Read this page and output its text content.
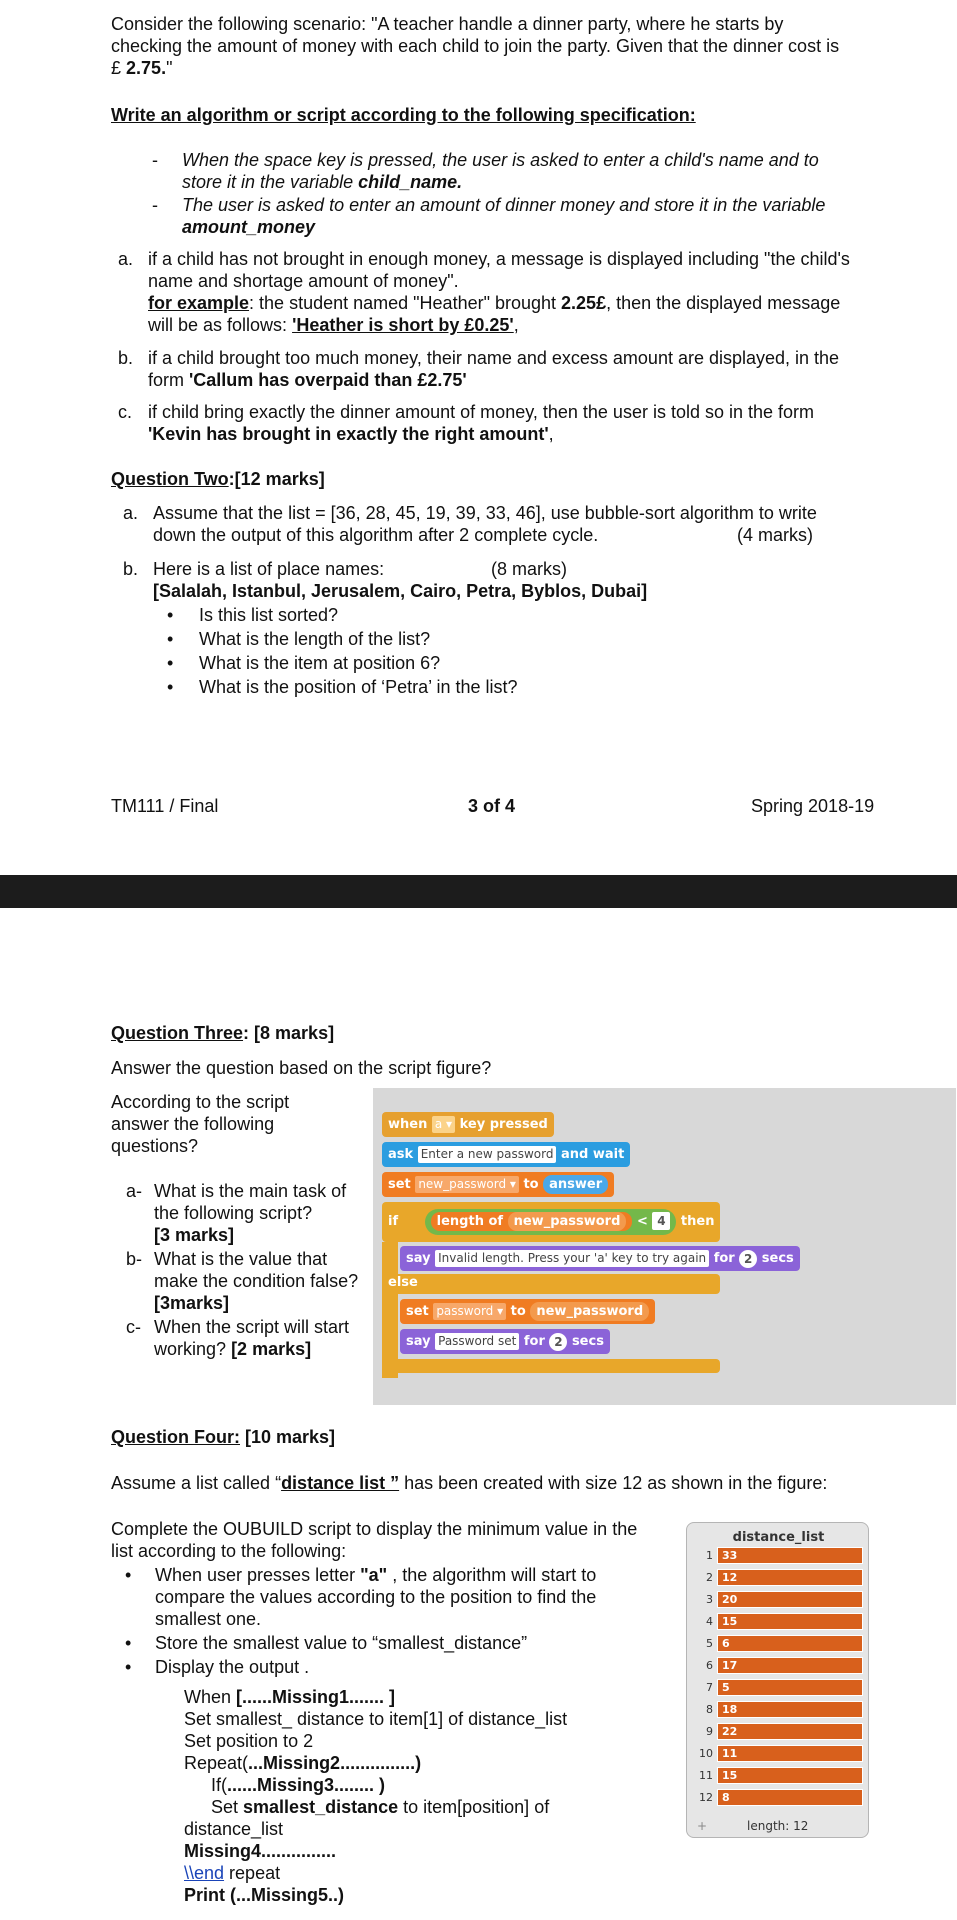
Consider the following scenario: "A teacher handle a dinner party, where he starts by checking the amount of money with each child to join the party. Given that the dinner cost is £ 2.75."

Write an algorithm or script according to the following specification:

-	When the space key is pressed, the user is asked to enter a child's name and to store it in the variable child_name.
-	The user is asked to enter an amount of dinner money and store it in the variable amount_money
a. if a child has not brought in enough money, a message is displayed including "the child's name and shortage amount of money".
for example: the student named "Heather" brought 2.25£, then the displayed message will be as follows: 'Heather is short by £0.25',
b. if a child brought too much money, their name and excess amount are displayed, in the form 'Callum has overpaid than £2.75'
c. if child bring exactly the dinner amount of money, then the user is told so in the form 'Kevin has brought in exactly the right amount',

Question Two:[12 marks]

a. Assume that the list = [36, 28, 45, 19, 39, 33, 46], use bubble-sort algorithm to write down the output of this algorithm after 2 complete cycle.	(4 marks)
b. Here is a list of place names:	(8 marks)

[Salalah, Istanbul, Jerusalem, Cairo, Petra, Byblos, Dubai]
•	Is this list sorted?
•	What is the length of the list?
•	What is the item at position 6?
•	What is the position of ‘Petra’ in the list?

TM111 / Final	3 of 4	Spring 2018-19

Question Three: [8 marks]

Answer the question based on the script figure?

According to the script answer the following questions?

a- What is the main task of the following script?
[3 marks]
b- What is the value that make the condition false? [3marks]
c- When the script will start working? [2 marks]
when a ▾ key pressed
ask Enter a new password and wait
set new_password ▾ to answer
if	length of new_password < 4 then
say Invalid length. Press your 'a' key to try again for 2 secs
else
set password ▾ to new_password
say Password set for 2 secs

Question Four: [10 marks]

Assume a list called “distance list ” has been created with size 12 as shown in the figure:

Complete the OUBUILD script to display the minimum value in the list according to the following:

•	When user presses letter "a" , the algorithm will start to compare the values according to the position to find the smallest one.
•	Store the smallest value to “smallest_distance”
•	Display the output .

When [......Missing1....... ]

Set smallest_ distance to item[1] of distance_list

Set position to 2

Repeat(...Missing2...............)

If(......Missing3........ )

Set smallest_distance to item[position] of

distance_list

Missing4...............

\\end repeat

Print (...Missing5..)

distance_list
1 33
2 12
3 20
4 15
5 6
6 17
7 5
8 18
9 22
10 11
11 15
12 8
+	length: 12
